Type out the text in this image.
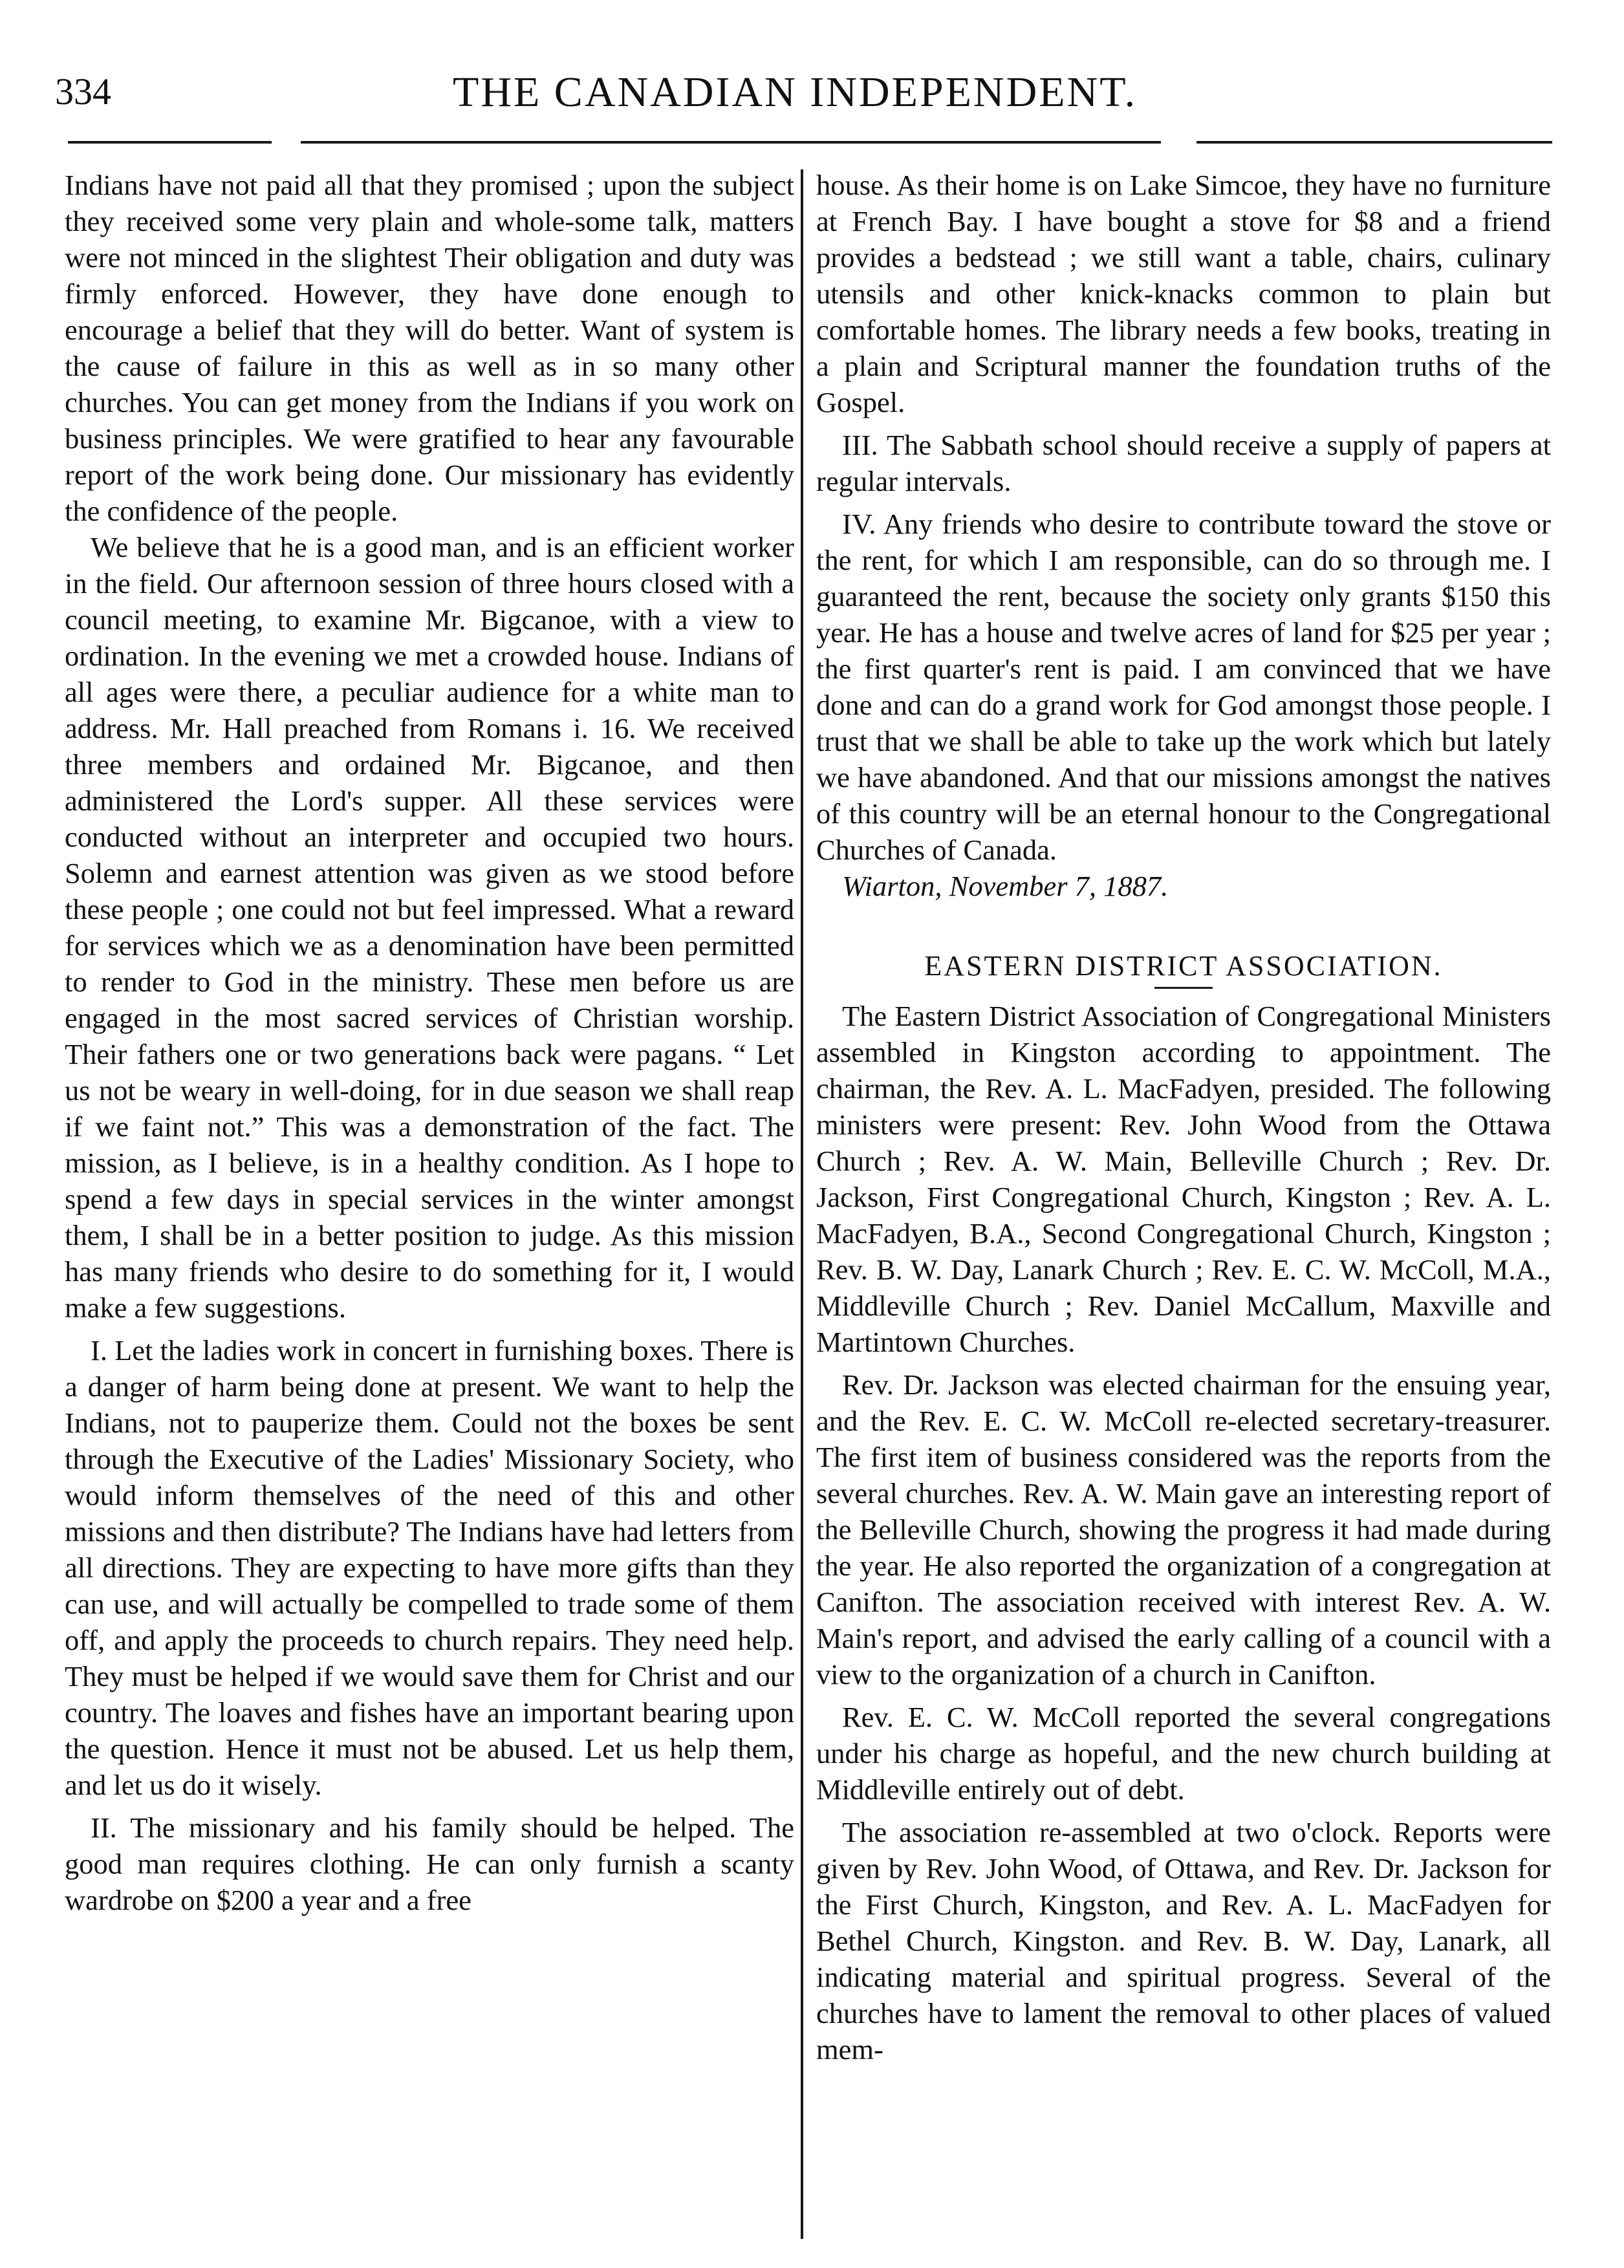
334	THE CANADIAN INDEPENDENT.

Indians have not paid all that they promised ; upon the subject they received some very plain and whole-some talk, matters were not minced in the slightest Their obligation and duty was firmly enforced. However, they have done enough to encourage a belief that they will do better. Want of system is the cause of failure in this as well as in so many other churches. You can get money from the Indians if you work on business principles. We were gratified to hear any favourable report of the work being done. Our missionary has evidently the confidence of the people.

We believe that he is a good man, and is an efficient worker in the field. Our afternoon session of three hours closed with a council meeting, to examine Mr. Bigcanoe, with a view to ordination. In the evening we met a crowded house. Indians of all ages were there, a peculiar audience for a white man to address. Mr. Hall preached from Romans i. 16. We received three members and ordained Mr. Bigcanoe, and then administered the Lord's supper. All these services were conducted without an interpreter and occupied two hours. Solemn and earnest attention was given as we stood before these people ; one could not but feel impressed. What a reward for services which we as a denomination have been permitted to render to God in the ministry. These men before us are engaged in the most sacred services of Christian worship. Their fathers one or two generations back were pagans. “ Let us not be weary in well-doing, for in due season we shall reap if we faint not.” This was a demonstration of the fact. The mission, as I believe, is in a healthy condition. As I hope to spend a few days in special services in the winter amongst them, I shall be in a better position to judge. As this mission has many friends who desire to do something for it, I would make a few suggestions.

I. Let the ladies work in concert in furnishing boxes. There is a danger of harm being done at present. We want to help the Indians, not to pauperize them. Could not the boxes be sent through the Executive of the Ladies' Missionary Society, who would inform themselves of the need of this and other missions and then distribute? The Indians have had letters from all directions. They are expecting to have more gifts than they can use, and will actually be compelled to trade some of them off, and apply the proceeds to church repairs. They need help. They must be helped if we would save them for Christ and our country. The loaves and fishes have an important bearing upon the question. Hence it must not be abused. Let us help them, and let us do it wisely.

II. The missionary and his family should be helped. The good man requires clothing. He can only furnish a scanty wardrobe on $200 a year and a free

house. As their home is on Lake Simcoe, they have no furniture at French Bay. I have bought a stove for $8 and a friend provides a bedstead ; we still want a table, chairs, culinary utensils and other knick-knacks common to plain but comfortable homes. The library needs a few books, treating in a plain and Scriptural manner the foundation truths of the Gospel.

III. The Sabbath school should receive a supply of papers at regular intervals.

IV. Any friends who desire to contribute toward the stove or the rent, for which I am responsible, can do so through me. I guaranteed the rent, because the society only grants $150 this year. He has a house and twelve acres of land for $25 per year ; the first quarter's rent is paid. I am convinced that we have done and can do a grand work for God amongst those people. I trust that we shall be able to take up the work which but lately we have abandoned. And that our missions amongst the natives of this country will be an eternal honour to the Congregational Churches of Canada.

Wiarton, November 7, 1887.

EASTERN DISTRICT ASSOCIATION.

The Eastern District Association of Congregational Ministers assembled in Kingston according to appointment. The chairman, the Rev. A. L. MacFadyen, presided. The following ministers were present: Rev. John Wood from the Ottawa Church ; Rev. A. W. Main, Belleville Church ; Rev. Dr. Jackson, First Congregational Church, Kingston ; Rev. A. L. MacFadyen, B.A., Second Congregational Church, Kingston ; Rev. B. W. Day, Lanark Church ; Rev. E. C. W. McColl, M.A., Middleville Church ; Rev. Daniel McCallum, Maxville and Martintown Churches.

Rev. Dr. Jackson was elected chairman for the ensuing year, and the Rev. E. C. W. McColl re-elected secretary-treasurer. The first item of business considered was the reports from the several churches. Rev. A. W. Main gave an interesting report of the Belleville Church, showing the progress it had made during the year. He also reported the organization of a congregation at Canifton. The association received with interest Rev. A. W. Main's report, and advised the early calling of a council with a view to the organization of a church in Canifton.

Rev. E. C. W. McColl reported the several congregations under his charge as hopeful, and the new church building at Middleville entirely out of debt.

The association re-assembled at two o'clock. Reports were given by Rev. John Wood, of Ottawa, and Rev. Dr. Jackson for the First Church, Kingston, and Rev. A. L. MacFadyen for Bethel Church, Kingston. and Rev. B. W. Day, Lanark, all indicating material and spiritual progress. Several of the churches have to lament the removal to other places of valued mem-
